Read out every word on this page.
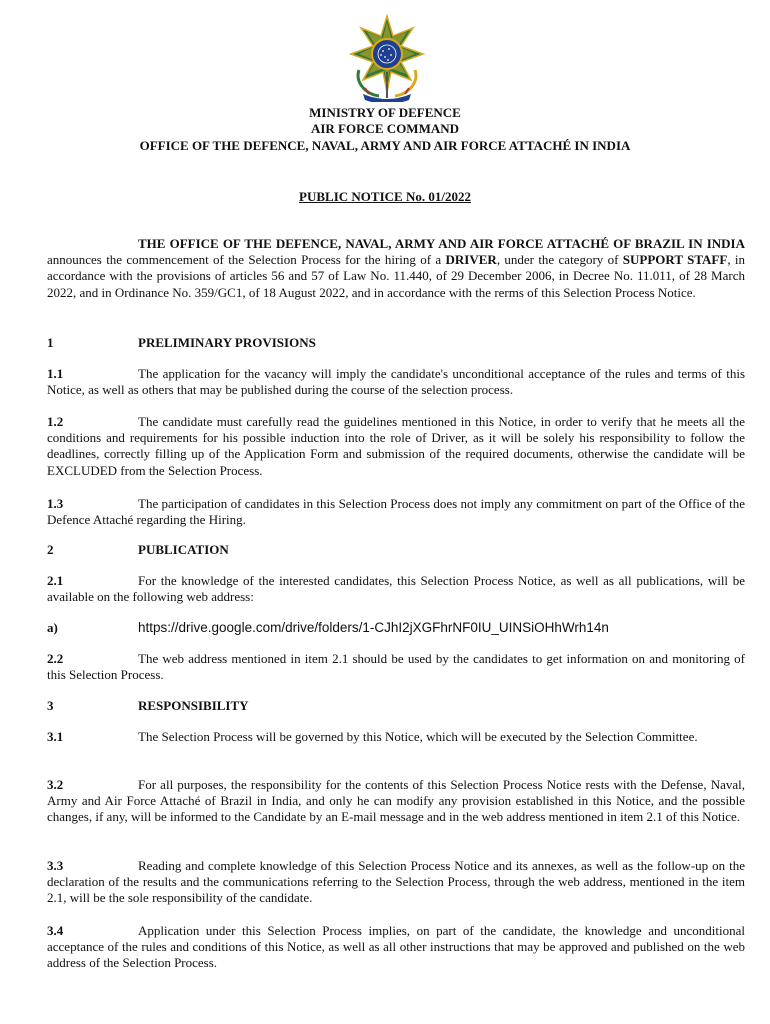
MINISTRY OF DEFENCE
AIR FORCE COMMAND
OFFICE OF THE DEFENCE, NAVAL, ARMY AND AIR FORCE ATTACHÉ IN INDIA
PUBLIC NOTICE No. 01/2022
THE OFFICE OF THE DEFENCE, NAVAL, ARMY AND AIR FORCE ATTACHÉ OF BRAZIL IN INDIA announces the commencement of the Selection Process for the hiring of a DRIVER, under the category of SUPPORT STAFF, in accordance with the provisions of articles 56 and 57 of Law No. 11.440, of 29 December 2006, in Decree No. 11.011, of 28 March 2022, and in Ordinance No. 359/GC1, of 18 August 2022, and in accordance with the rerms of this Selection Process Notice.
1	PRELIMINARY PROVISIONS
1.1	The application for the vacancy will imply the candidate's unconditional acceptance of the rules and terms of this Notice, as well as others that may be published during the course of the selection process.
1.2	The candidate must carefully read the guidelines mentioned in this Notice, in order to verify that he meets all the conditions and requirements for his possible induction into the role of Driver, as it will be solely his responsibility to follow the deadlines, correctly filling up of the Application Form and submission of the required documents, otherwise the candidate will be EXCLUDED from the Selection Process.
1.3	The participation of candidates in this Selection Process does not imply any commitment on part of the Office of the Defence Attaché regarding the Hiring.
2	PUBLICATION
2.1	For the knowledge of the interested candidates, this Selection Process Notice, as well as all publications, will be available on the following web address:
a)	https://drive.google.com/drive/folders/1-CJhI2jXGFhrNF0IU_UINSiOHhWrh14n
2.2	The web address mentioned in item 2.1 should be used by the candidates to get information on and monitoring of this Selection Process.
3	RESPONSIBILITY
3.1	The Selection Process will be governed by this Notice, which will be executed by the Selection Committee.
3.2	For all purposes, the responsibility for the contents of this Selection Process Notice rests with the Defense, Naval, Army and Air Force Attaché of Brazil in India, and only he can modify any provision established in this Notice, and the possible changes, if any, will be informed to the Candidate by an E-mail message and in the web address mentioned in item 2.1 of this Notice.
3.3	Reading and complete knowledge of this Selection Process Notice and its annexes, as well as the follow-up on the declaration of the results and the communications referring to the Selection Process, through the web address, mentioned in the item 2.1, will be the sole responsibility of the candidate.
3.4	Application under this Selection Process implies, on part of the candidate, the knowledge and unconditional acceptance of the rules and conditions of this Notice, as well as all other instructions that may be approved and published on the web address of the Selection Process.
